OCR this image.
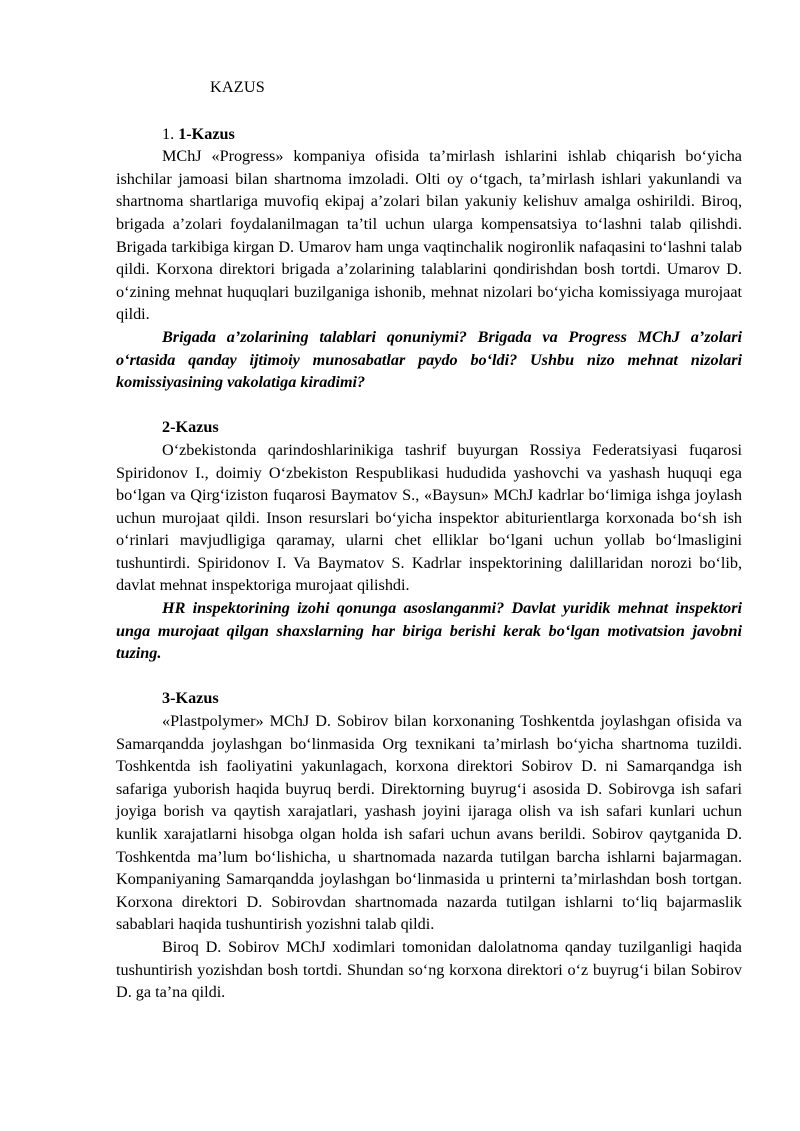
KAZUS
1. 1-Kazus

MChJ «Progress» kompaniya ofisida ta’mirlash ishlarini ishlab chiqarish bo‘yicha ishchilar jamoasi bilan shartnoma imzoladi. Olti oy o‘tgach, ta’mirlash ishlari yakunlandi va shartnoma shartlariga muvofiq ekipaj a’zolari bilan yakuniy kelishuv amalga oshirildi. Biroq, brigada a’zolari foydalanilmagan ta’til uchun ularga kompensatsiya to‘lashni talab qilishdi. Brigada tarkibiga kirgan D. Umarov ham unga vaqtinchalik nogironlik nafaqasini to‘lashni talab qildi. Korxona direktori brigada a’zolarining talablarini qondirishdan bosh tortdi. Umarov D. o‘zining mehnat huquqlari buzilganiga ishonib, mehnat nizolari bo‘yicha komissiyaga murojaat qildi.

Brigada a’zolarining talablari qonuniymi? Brigada va Progress MChJ a’zolari o‘rtasida qanday ijtimoiy munosabatlar paydo bo‘ldi? Ushbu nizo mehnat nizolari komissiyasining vakolatiga kiradimi?

2-Kazus

O‘zbekistonda qarindoshlarinikiga tashrif buyurgan Rossiya Federatsiyasi fuqarosi Spiridonov I., doimiy O‘zbekiston Respublikasi hududida yashovchi va yashash huquqi ega bo‘lgan va Qirg‘iziston fuqarosi Baymatov S., «Baysun» MChJ kadrlar bo‘limiga ishga joylash uchun murojaat qildi. Inson resurslari bo‘yicha inspektor abiturientlarga korxonada bo‘sh ish o‘rinlari mavjudligiga qaramay, ularni chet elliklar bo‘lgani uchun yollab bo‘lmasligini tushuntirdi. Spiridonov I. Va Baymatov S. Kadrlar inspektorining dalillaridan norozi bo‘lib, davlat mehnat inspektoriga murojaat qilishdi.

HR inspektorining izohi qonunga asoslanganmi? Davlat yuridik mehnat inspektori unga murojaat qilgan shaxslarning har biriga berishi kerak bo‘lgan motivatsion javobni tuzing.

3-Kazus

«Plastpolymer» MChJ D. Sobirov bilan korxonaning Toshkentda joylashgan ofisida va Samarqandda joylashgan bo‘linmasida Org texnikani ta’mirlash bo‘yicha shartnoma tuzildi. Toshkentda ish faoliyatini yakunlagach, korxona direktori Sobirov D. ni Samarqandga ish safariga yuborish haqida buyruq berdi. Direktorning buyrug‘i asosida D. Sobirovga ish safari joyiga borish va qaytish xarajatlari, yashash joyini ijaraga olish va ish safari kunlari uchun kunlik xarajatlarni hisobga olgan holda ish safari uchun avans berildi. Sobirov qaytganida D. Toshkentda ma’lum bo‘lishicha, u shartnomada nazarda tutilgan barcha ishlarni bajarmagan. Kompaniyaning Samarqandda joylashgan bo‘linmasida u printerni ta’mirlashdan bosh tortgan. Korxona direktori D. Sobirovdan shartnomada nazarda tutilgan ishlarni to‘liq bajarmaslik sabablari haqida tushuntirish yozishni talab qildi.

Biroq D. Sobirov MChJ xodimlari tomonidan dalolatnoma qanday tuzilganligi haqida tushuntirish yozishdan bosh tortdi. Shundan so‘ng korxona direktori o‘z buyrug‘i bilan Sobirov D. ga ta’na qildi.
